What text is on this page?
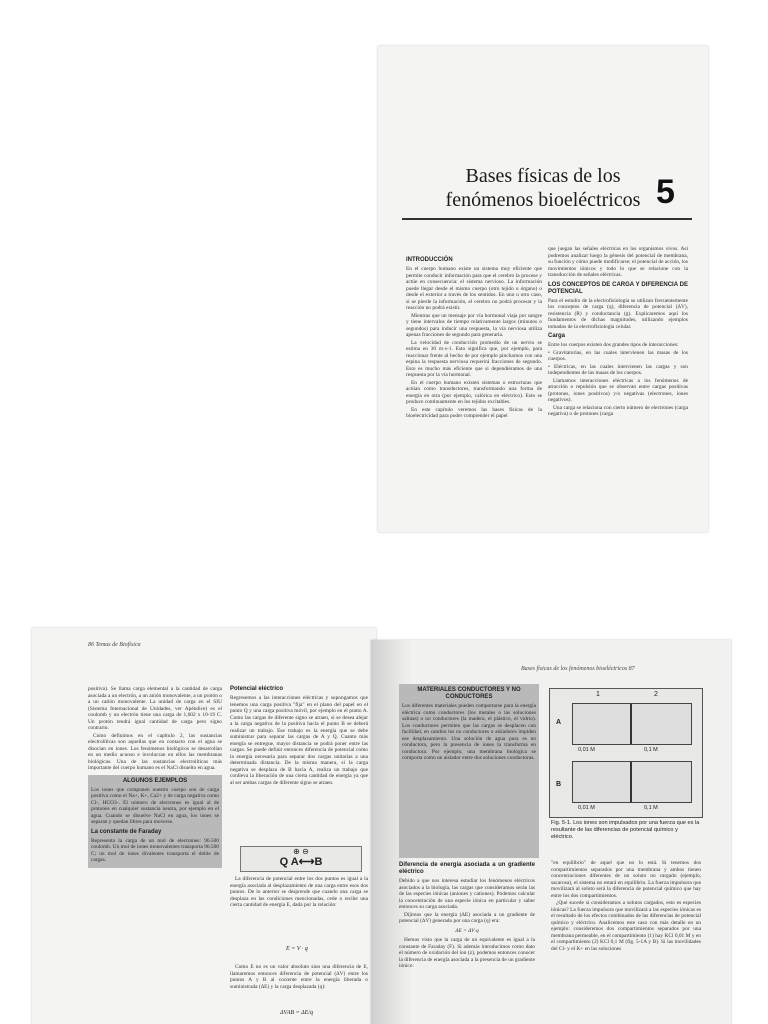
Bases físicas de los
fenómenos bioeléctricos 5

INTRODUCCIÓN

En el cuerpo humano existe un sistema muy eficiente que permite conducir información para que el cerebro la procese y actúe en consecuencia: el sistema nervioso. La información puede llegar desde el mismo cuerpo (otro tejido u órgano) o desde el exterior a través de los sentidos. En uno u otro caso, si se pierde la información, el cerebro no podrá procesar y la reacción no podrá existir.

Mientras que un mensaje por vía hormonal viaja por sangre y tiene intervalos de tiempo relativamente largos (minutos o segundos) para inducir una respuesta, la vía nerviosa utiliza apenas fracciones de segundo para generarla.

La velocidad de conducción promedio de un nervio se estima en 30 m·s-1. Esto significa que, por ejemplo, para reaccionar frente al hecho de por ejemplo pincharnos con una espina la respuesta nerviosa requerirá fracciones de segundo. Esto es mucho más eficiente que si dependiéramos de una respuesta por la vía hormonal.

En el cuerpo humano existen sistemas o estructuras que actúan como transductores, transformando una forma de energía en otra (por ejemplo, calórica en eléctrico). Esto se produce continuamente en los tejidos excitables.

En este capítulo veremos las bases físicas de la bioelectricidad para poder comprender el papel

que juegan las señales eléctricas en los organismos vivos. Así podremos analizar luego la génesis del potencial de membrana, su función y cómo puede modificarse; el potencial de acción, los movimientos iónicos y todo lo que se relacione con la transducción de señales eléctricas.

LOS CONCEPTOS DE CARGA Y DIFERENCIA DE POTENCIAL

Para el estudio de la electrofisiología se utilizan frecuentemente los conceptos de carga (q), diferencia de potencial (ΔV), resistencia (R) y conductancia (g). Explicaremos aquí los fundamentos de dichas magnitudes, utilizando ejemplos tomados de la electrofisiología celular.

Carga

Entre los cuerpos existen dos grandes tipos de interacciones:

• Gravitatorias, en las cuales intervienen las masas de los cuerpos.

• Eléctricas, en las cuales intervienen las cargas y son independientes de las masas de los cuerpos.

Llamamos interacciones eléctricas a los fenómenos de atracción o repulsión que se observan entre cargas positivas (protones, iones positivos) y/o negativas (electrones, iones negativos).

Una carga se relaciona con cierto número de electrones (carga negativa) o de protones (carga

86 Temas de Biofísica

positiva). Se llama carga elemental a la cantidad de carga asociada a un electrón, a un anión monovalente, a un protón o a un catión monovalente. La unidad de carga en el SIU (Sistema Internacional de Unidades, ver Apéndice) es el coulomb y un electrón tiene una carga de 1,602 x 10-19 C. Un protón tendrá igual cantidad de carga pero signo contrario.

Como definimos en el capítulo 2, las sustancias electrolíticas son aquellas que en contacto con el agua se disocian en iones. Los fenómenos biológicos se desarrollan en un medio acuoso e involucran en ellos las membranas biológicas. Una de las sustancias electrolíticas más importante del cuerpo humano es el NaCl disuelto en agua.

ALGUNOS EJEMPLOS

Los iones que componen nuestro cuerpo son de carga positiva como el Na+, K+, Ca2+ y de carga negativa como Cl-, HCO3-. El número de electrones es igual al de protones en cualquier sustancia neutra, por ejemplo en el agua. Cuando se disuelve NaCl en agua, los iones se separan y quedan libres para moverse.

La constante de Faraday

Representa la carga de un mol de electrones: 96.500 coulomb. Un mol de iones monovalentes transporta 96.500 C; un mol de iones divalentes transporta el doble de cargas.

Potencial eléctrico

Regresemos a las interacciones eléctricas y supongamos que tenemos una carga positiva "fija" en el plano del papel en el punto Q y una carga positiva móvil, por ejemplo en el punto A. Como las cargas de diferente signo se atraen, si se desea alejar a la carga negativa de la positiva hacia el punto B se deberá realizar un trabajo. Ese trabajo es la energía que se debe suministrar para separar las cargas de A y Q. Cuanto más energía se entregue, mayor distancia se podrá poner entre las cargas. Se puede definir entonces diferencia de potencial como la energía necesaria para separar dos cargas unitarias a una determinada distancia. De la misma manera, si la carga negativa se desplaza de B hacia A, realiza un trabajo que conlleva la liberación de una cierta cantidad de energía ya que al ser ambas cargas de diferente signo se atraen.

⊕ ⊖
Q A⟷B

La diferencia de potencial entre los dos puntos es igual a la energía asociada al desplazamiento de una carga entre esos dos puntos. De lo anterior se desprende que cuando una carga se desplaza en las condiciones mencionadas, cede o recibe una cierta cantidad de energía E, dada por la relación:

E = V · q

Como E no es un valor absoluto sino una diferencia de E, llamaremos entonces diferencia de potencial (ΔV) entre los puntos A y B al cociente entre la energía liberada o suministrada (ΔE) y la carga desplazada (q):

ΔVAB = ΔE/q
Bases físicas de los fenómenos bioeléctricos 87

MATERIALES CONDUCTORES Y NO CONDUCTORES

Los diferentes materiales pueden comportarse para la energía eléctrica como conductores (los metales o las soluciones salinas) o no conductores (la madera, el plástico, el vidrio). Los conductores permiten que las cargas se desplacen con facilidad, en cambio los no conductores o aisladores impiden ese desplazamiento. Una solución de agua pura es no conductora, pero la presencia de iones la transforma en conductora. Por ejemplo, una membrana biológica se comporta como un aislador entre dos soluciones conductoras.

1	2
A
0,01 M	0,1 M
B
0,01 M	0,1 M
Fig. 5-1. Los iones son impulsados por una fuerza que es la resultante de las diferencias de potencial químico y eléctrico.

Diferencia de energía asociada a un gradiente eléctrico

Debido a que nos interesa estudiar los fenómenos eléctricos asociados a la biología, las cargas que consideramos serán las de las especies iónicas (aniones y cationes). Podemos calcular la concentración de una especie iónica en particular y saber entonces su carga asociada.

Dijimos que la energía (ΔE) asociada a un gradiente de potencial (ΔV) generado por una carga (q) era:

ΔE = ΔV·q

Hemos visto que la carga de un equivalente es igual a la constante de Faraday (F). Si además introducimos como dato el número de oxidación del ion (z), podemos entonces conocer la diferencia de energía asociada a la presencia de un gradiente iónico:

"en equilibrio" de aquel que no lo está. Si tenemos dos compartimientos separados por una membrana y ambos tienen concentraciones diferentes de un soluto no cargado (ejemplo, sacarosa), el sistema no estará en equilibrio. La fuerza impulsora que movilizará al soluto será la diferencia de potencial químico que hay entre los dos compartimientos.

¿Qué sucede si consideramos a solutos cargados, esto es especies iónicas? La fuerza impulsora que movilizará a las especies iónicas es el resultado de los efectos combinados de las diferencias de potencial químico y eléctrico. Analicemos este caso con más detalle en un ejemplo: consideremos dos compartimientos separados por una membrana permeable, en el compartimiento (1) hay KCl 0,01 M y en el compartimiento (2) KCl 0,1 M (fig. 5-1A y B). Si las movilidades del Cl- y el K+ en las soluciones
